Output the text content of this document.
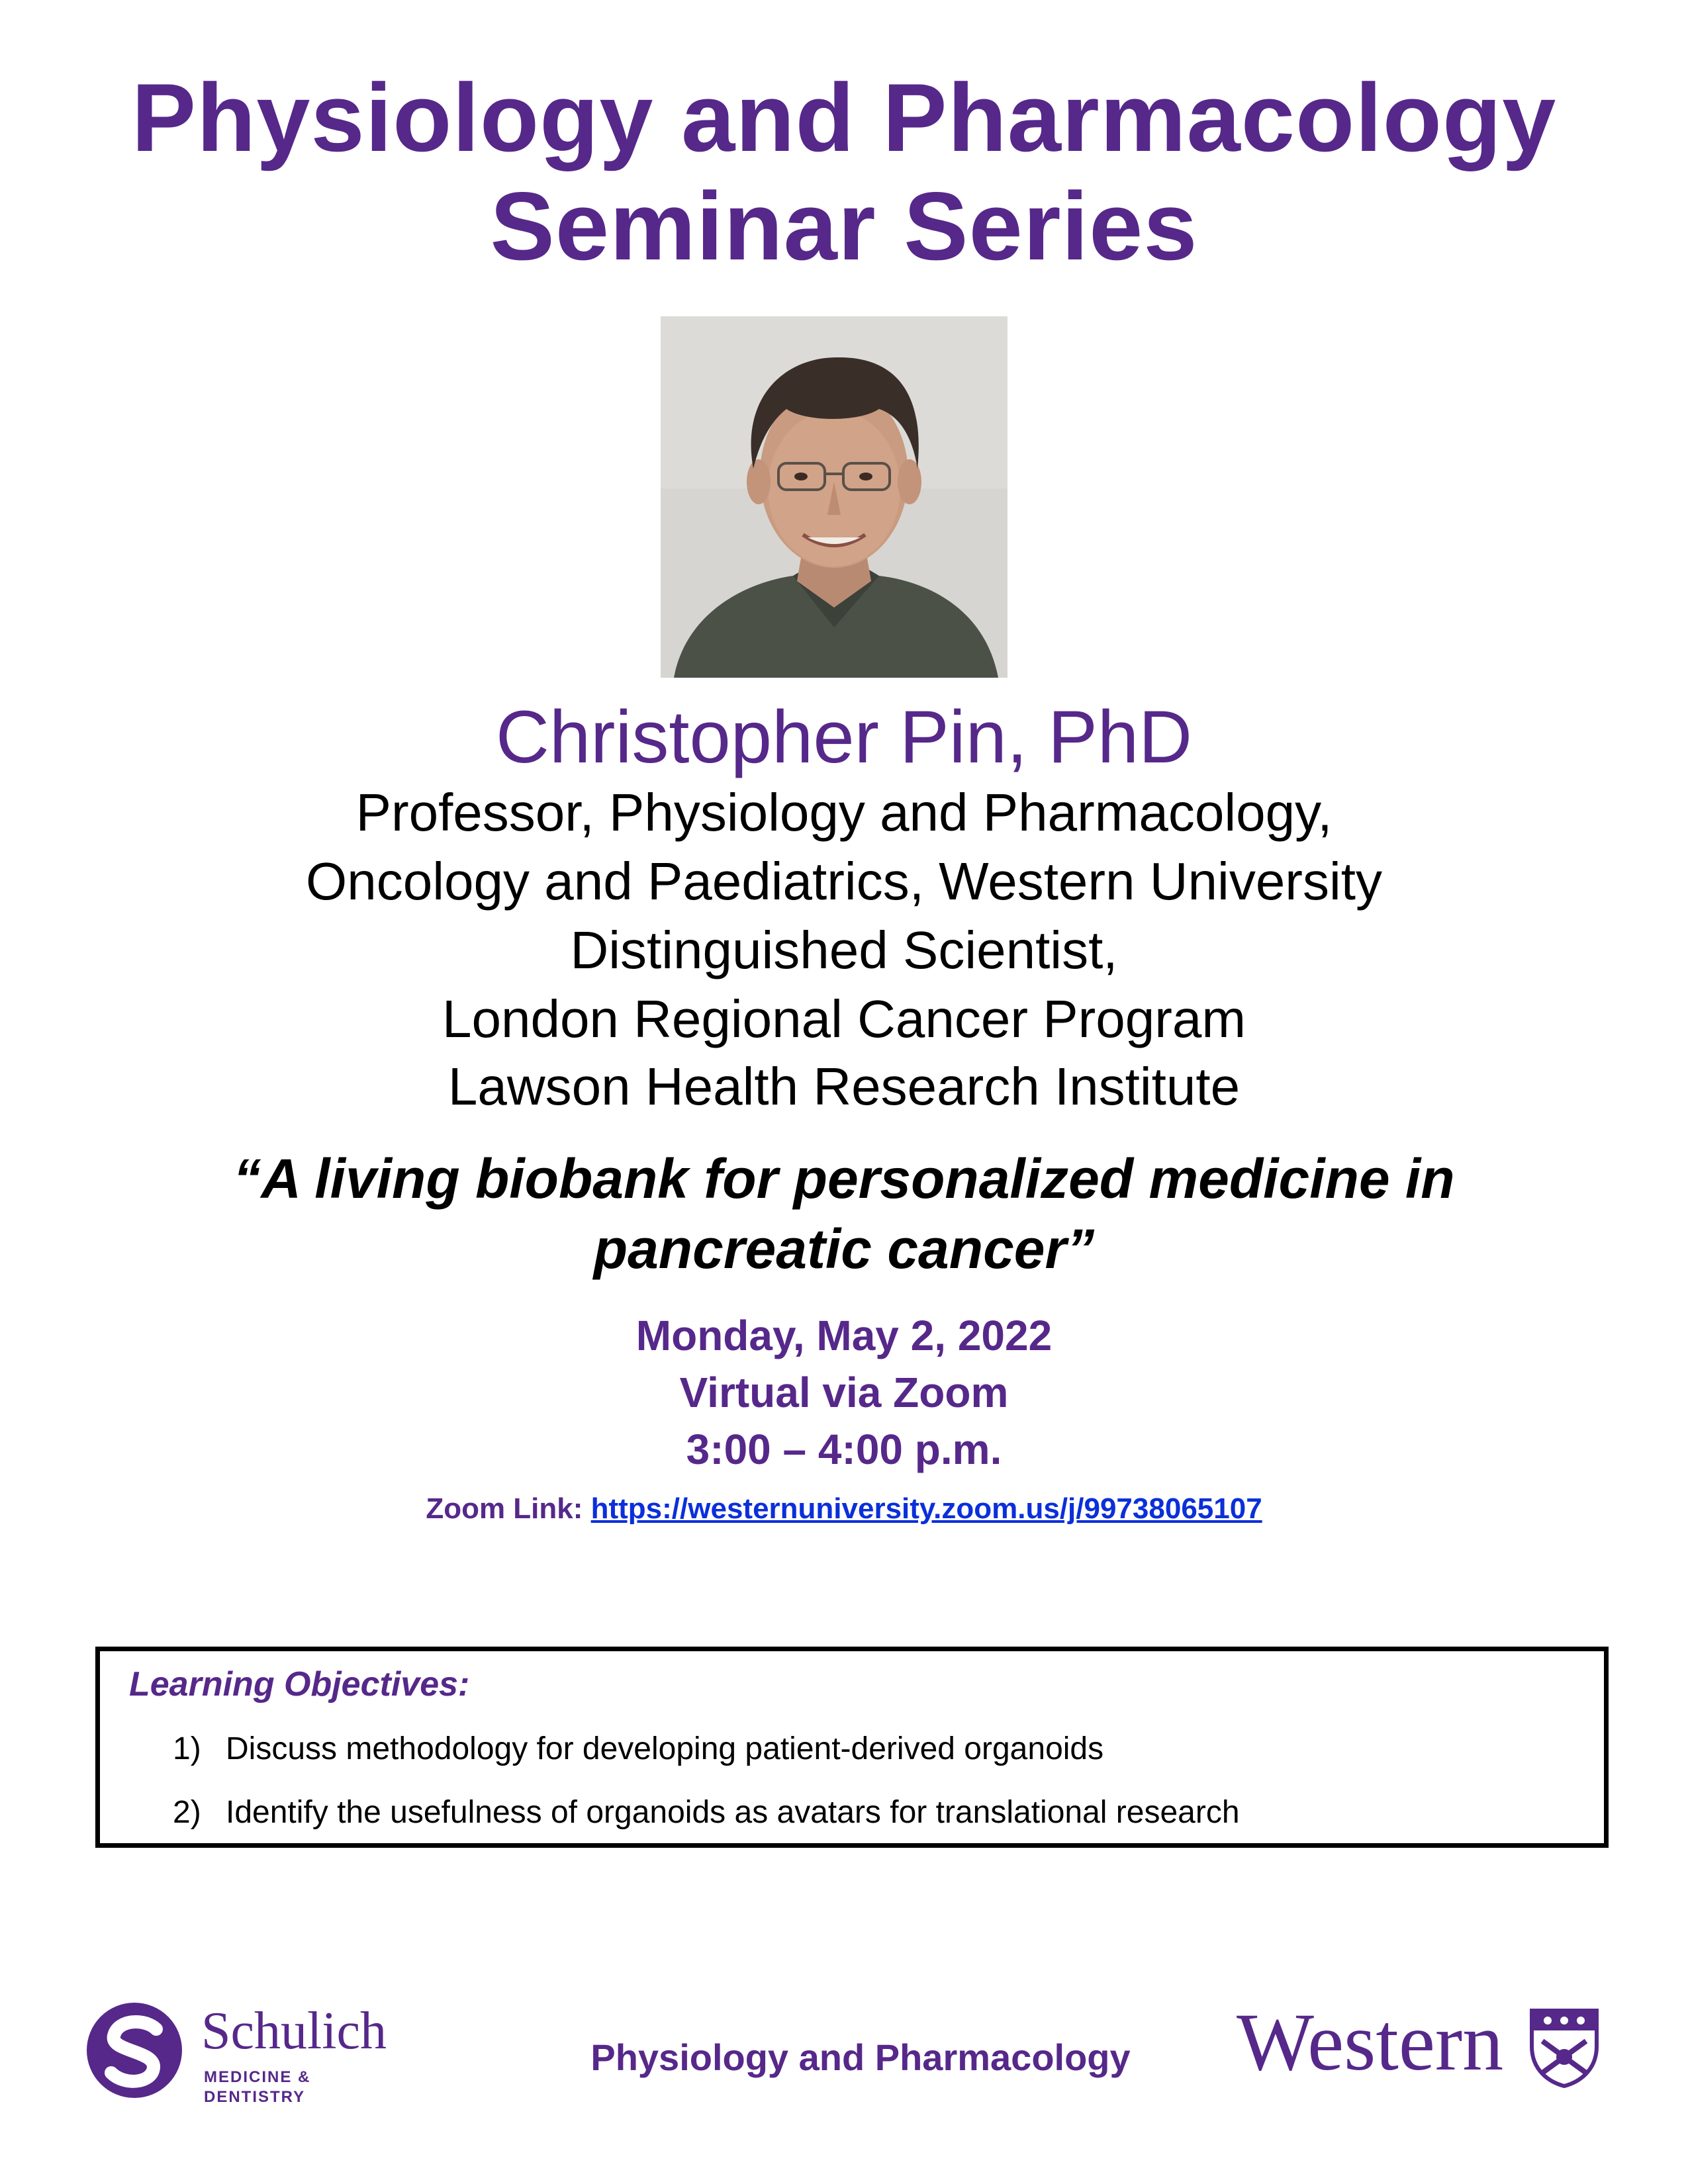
Physiology and Pharmacology
Seminar Series
Christopher Pin, PhD
Professor, Physiology and Pharmacology,
Oncology and Paediatrics, Western University
Distinguished Scientist,
London Regional Cancer Program
Lawson Health Research Institute
“A living biobank for personalized medicine in
pancreatic cancer”
Monday, May 2, 2022
Virtual via Zoom
3:00 – 4:00 p.m.
Zoom Link: https://westernuniversity.zoom.us/j/99738065107
Learning Objectives:
1) Discuss methodology for developing patient-derived organoids
2) Identify the usefulness of organoids as avatars for translational research
Schulich
MEDICINE & DENTISTRY
Physiology and Pharmacology	Western
